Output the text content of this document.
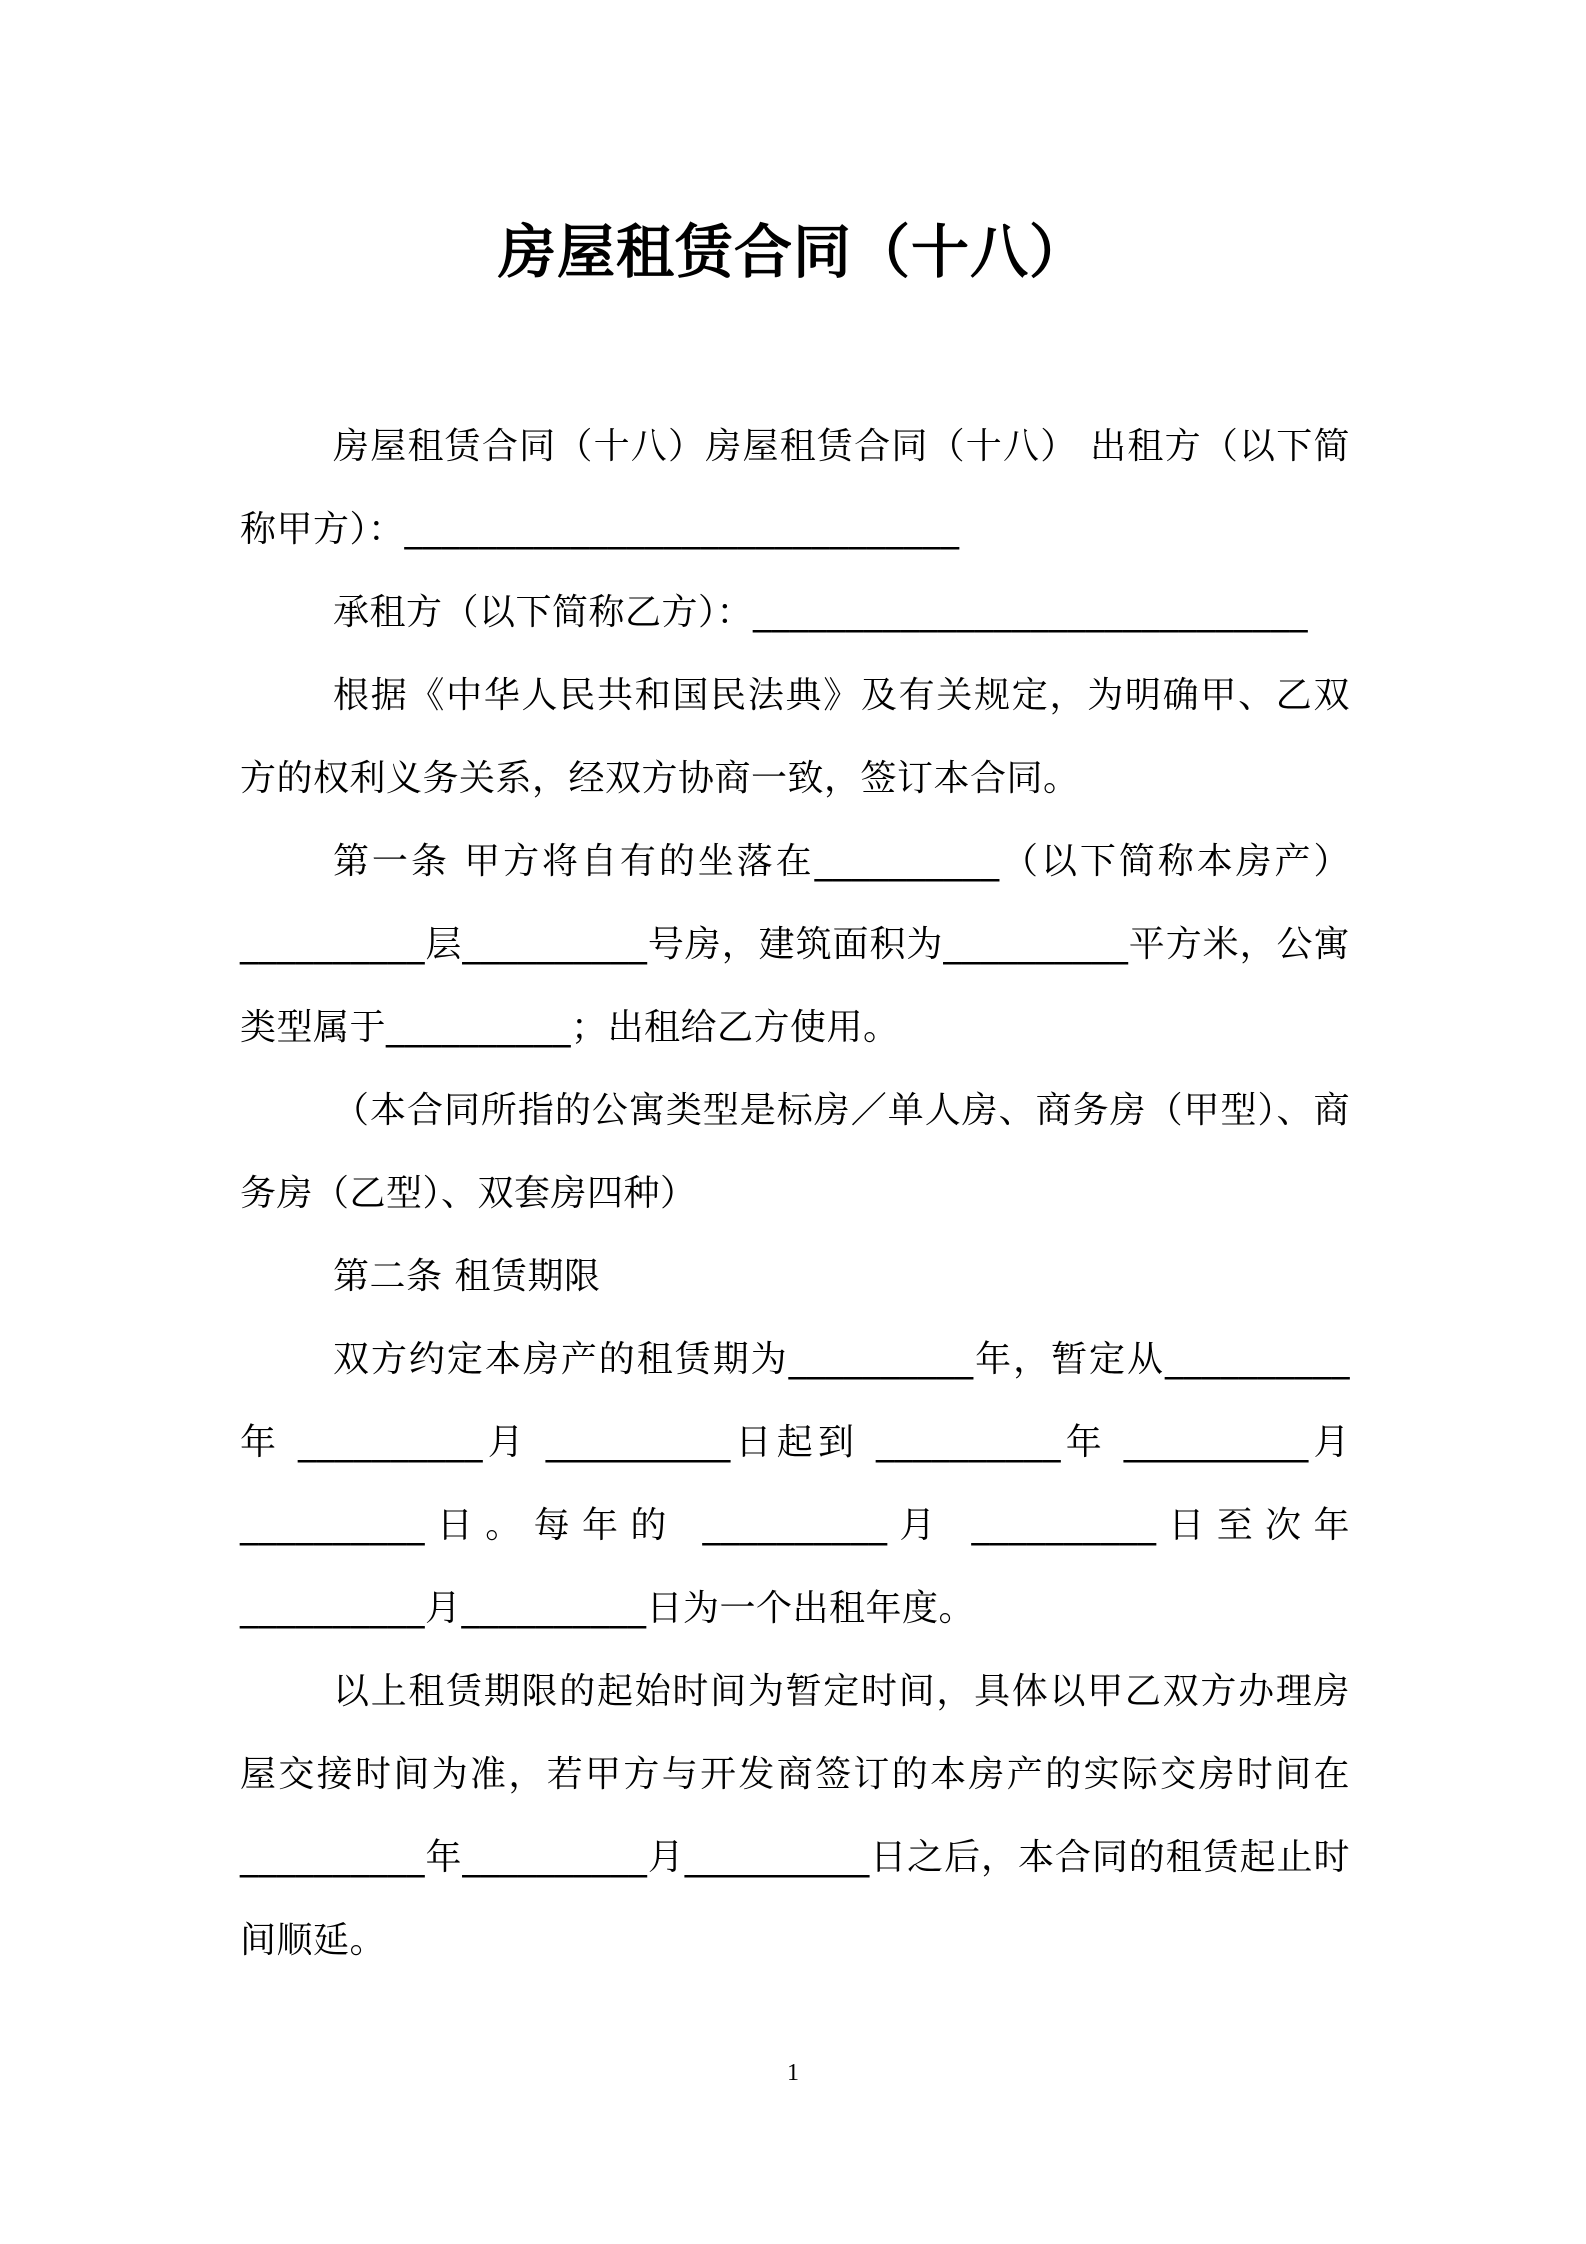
房屋租赁合同（十八）

房屋租赁合同（十八）房屋租赁合同（十八） 出租方（以下简称甲方）：______________________________

承租方（以下简称乙方）：______________________________

根据《中华人民共和国民法典》及有关规定，为明确甲、乙双方的权利义务关系，经双方协商一致，签订本合同。

第一条 甲方将自有的坐落在__________（以下简称本房产）__________层__________号房，建筑面积为__________平方米，公寓类型属于__________；出租给乙方使用。

（本合同所指的公寓类型是标房／单人房、商务房（甲型）、商务房（乙型）、双套房四种）

第二条 租赁期限

双方约定本房产的租赁期为__________年，暂定从__________年 __________月 __________日起到 __________年 __________月 __________日。每年的 __________月 __________日至次年 __________月__________日为一个出租年度。

以上租赁期限的起始时间为暂定时间，具体以甲乙双方办理房屋交接时间为准，若甲方与开发商签订的本房产的实际交房时间在__________年__________月__________日之后，本合同的租赁起止时间顺延。

1
